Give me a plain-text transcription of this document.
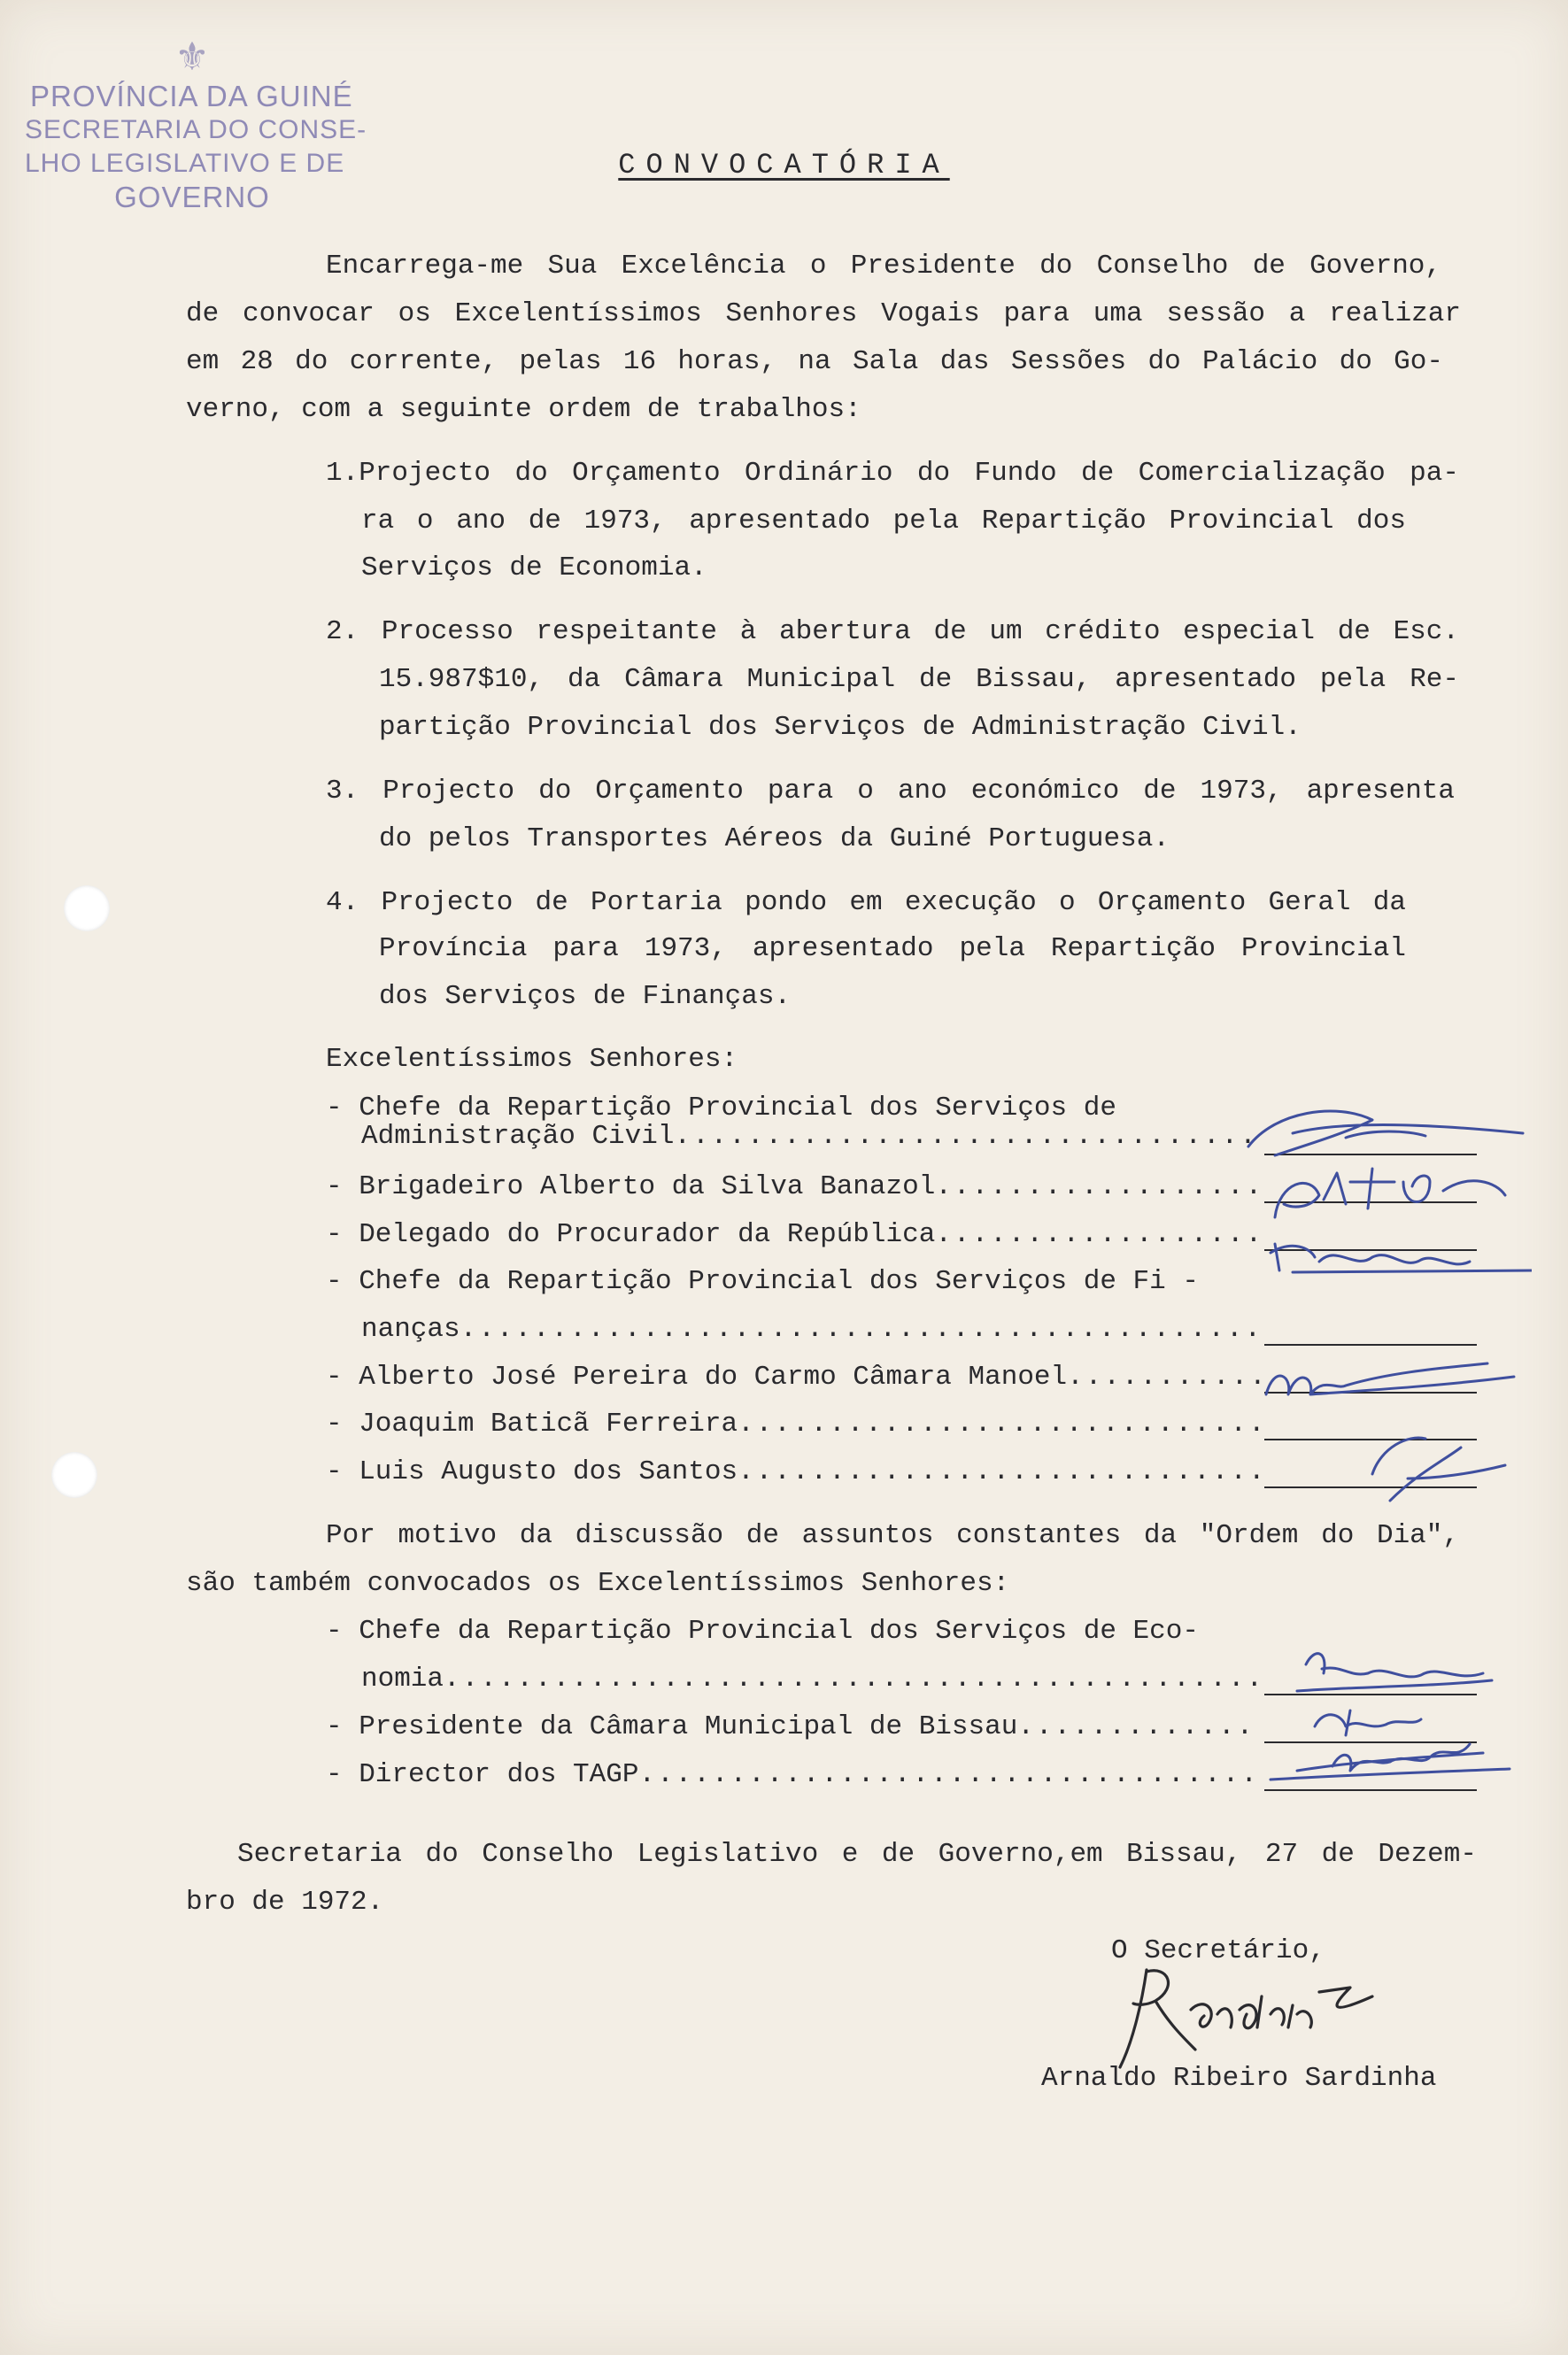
⚜
PROVÍNCIA DA GUINÉ
SECRETARIA DO CONSE-
LHO LEGISLATIVO E DE
GOVERNO
CONVOCATÓRIA
Encarrega-me Sua Excelência o Presidente do Conselho de Governo,
de convocar os Excelentíssimos Senhores Vogais para uma sessão a realizar
em 28 do corrente, pelas 16 horas, na Sala das Sessões do Palácio do Go-
verno, com a seguinte ordem de trabalhos:
1.Projecto do Orçamento Ordinário do Fundo de Comercialização pa-
ra o ano de 1973, apresentado pela Repartição Provincial dos
Serviços de Economia.
2. Processo respeitante à abertura de um crédito especial de Esc.
15.987$10, da Câmara Municipal de Bissau, apresentado pela Re-
partição Provincial dos Serviços de Administração Civil.
3. Projecto do Orçamento para o ano económico de 1973, apresenta
do pelos Transportes Aéreos da Guiné Portuguesa.
4. Projecto de Portaria pondo em execução o Orçamento Geral da
Província para 1973, apresentado pela Repartição Provincial
dos Serviços de Finanças.
Excelentíssimos Senhores:
- Chefe da Repartição Provincial dos Serviços de
Administração Civil
.....
- Brigadeiro Alberto da Silva Banazol
.....
- Delegado do Procurador da República
.....
- Chefe da Repartição Provincial dos Serviços de Fi -
nanças
.....
- Alberto José Pereira do Carmo Câmara Manoel
.....
- Joaquim Baticã Ferreira
.....
- Luis Augusto dos Santos
.....
Por motivo da discussão de assuntos constantes da "Ordem do Dia",
são também convocados os Excelentíssimos Senhores:
- Chefe da Repartição Provincial dos Serviços de Eco-
nomia
.....
- Presidente da Câmara Municipal de Bissau
.....
- Director dos TAGP
.....
Secretaria do Conselho Legislativo e de Governo,em Bissau, 27 de Dezem-
bro de 1972.
O Secretário,
Arnaldo Ribeiro Sardinha
